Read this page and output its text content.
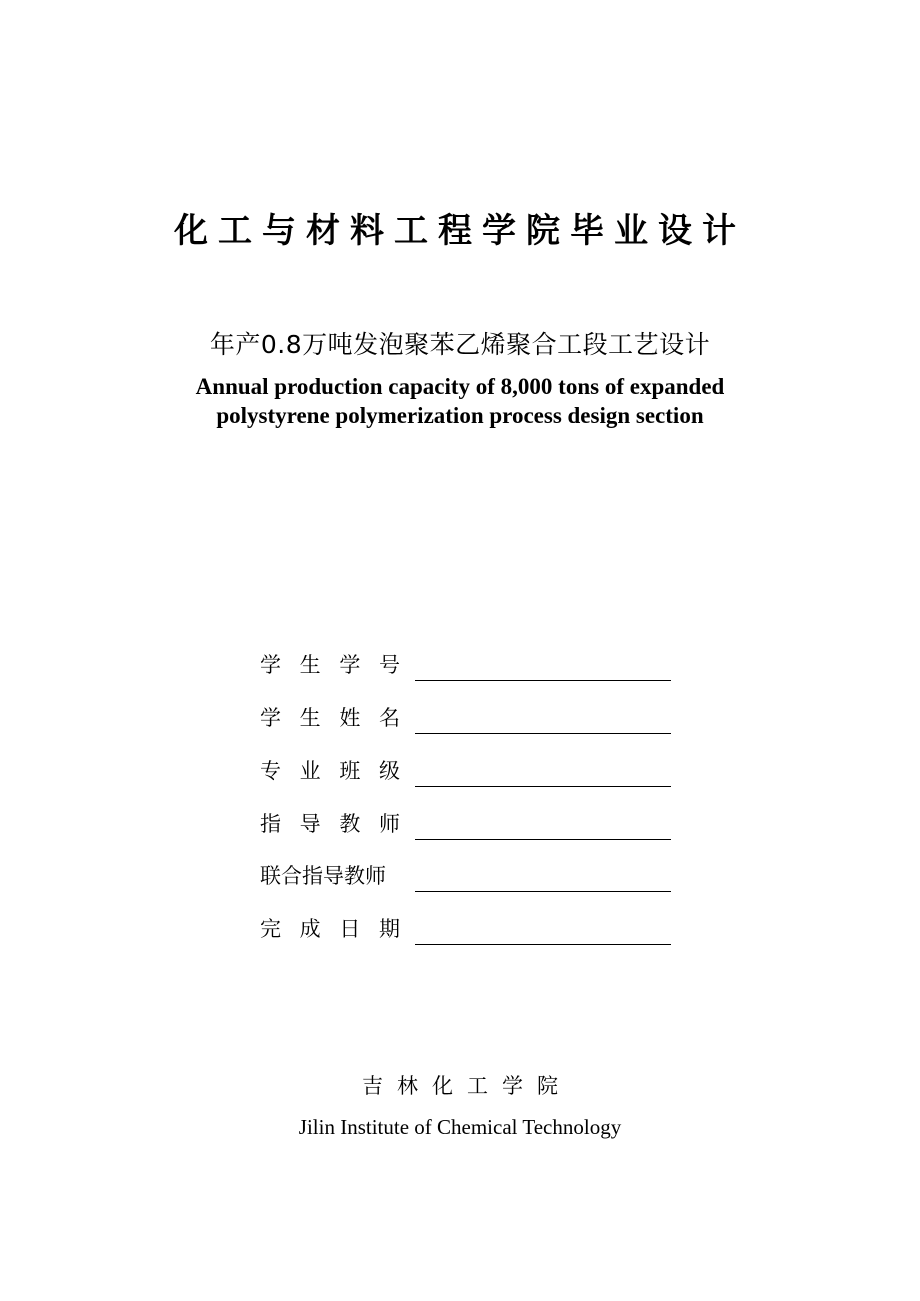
化工与材料工程学院毕业设计
年产0.8万吨发泡聚苯乙烯聚合工段工艺设计
Annual production capacity of 8,000 tons of expanded
polystyrene polymerization process design section
学 生 学 号
学 生 姓 名
专 业 班 级
指 导 教 师
联合指导教师
完 成 日 期
吉林化工学院
Jilin Institute of Chemical Technology
